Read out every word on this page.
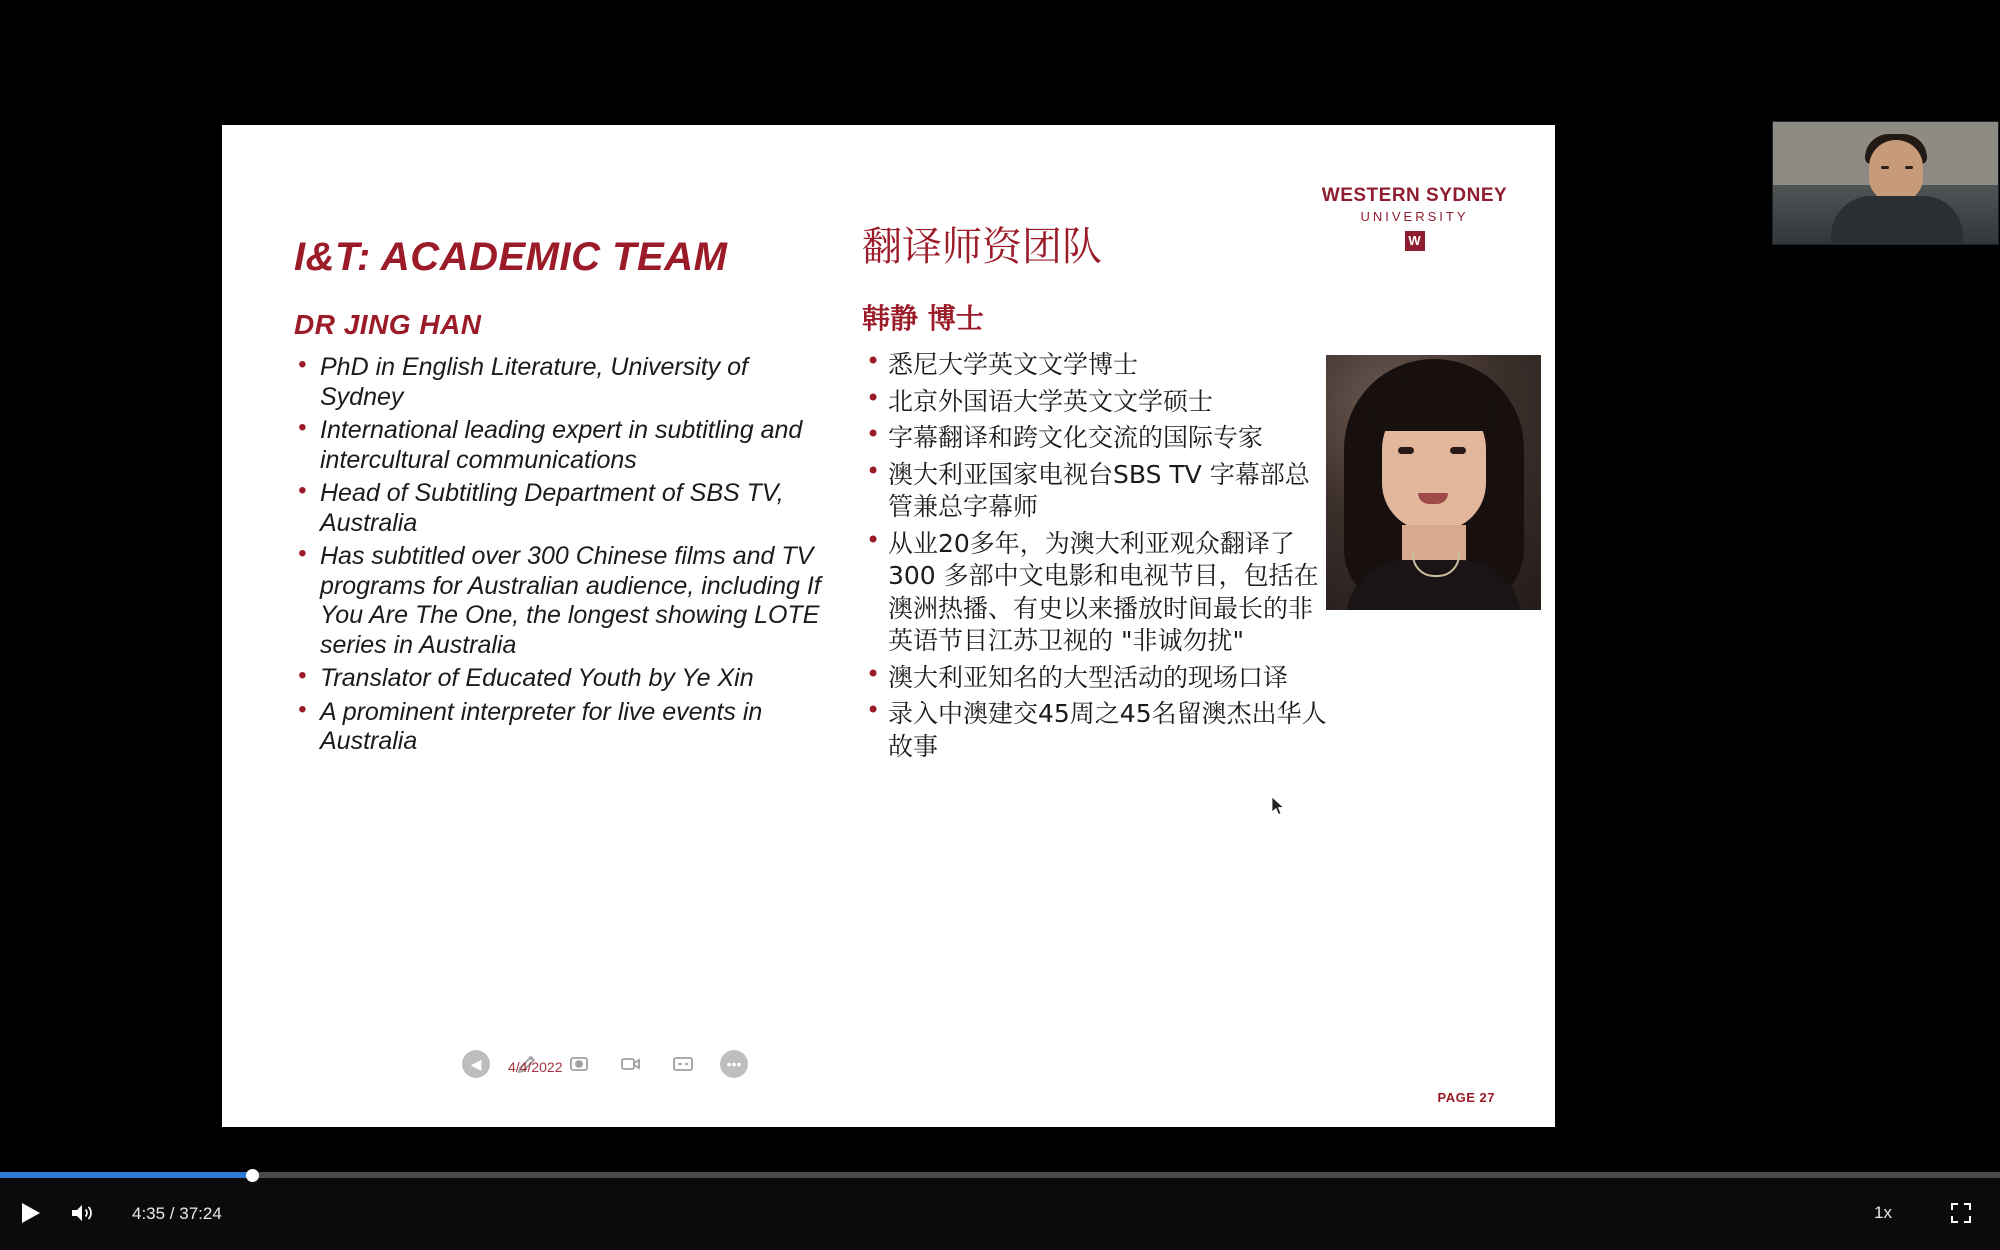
WESTERN SYDNEY
UNIVERSITY
W
I&T: ACADEMIC TEAM
DR JING HAN
• PhD in English Literature, University of Sydney
• International leading expert in subtitling and intercultural communications
• Head of Subtitling Department of SBS TV, Australia
• Has subtitled over 300 Chinese films and TV programs for Australian audience, including If You Are The One, the longest showing LOTE series in Australia
• Translator of Educated Youth by Ye Xin
• A prominent interpreter for live events in Australia
翻译师资团队
韩静 博士
• 悉尼大学英文文学博士
• 北京外国语大学英文文学硕士
• 字幕翻译和跨文化交流的国际专家
• 澳大利亚国家电视台SBS TV 字幕部总管兼总字幕师
• 从业20多年，为澳大利亚观众翻译了 300 多部中文电影和电视节目，包括在澳洲热播、有史以来播放时间最长的非英语节目江苏卫视的 "非诚勿扰"
• 澳大利亚知名的大型活动的现场口译
• 录入中澳建交45周之45名留澳杰出华人故事
PAGE 27
◀	•••
4/4/2022
4:35 / 37:24	1x
